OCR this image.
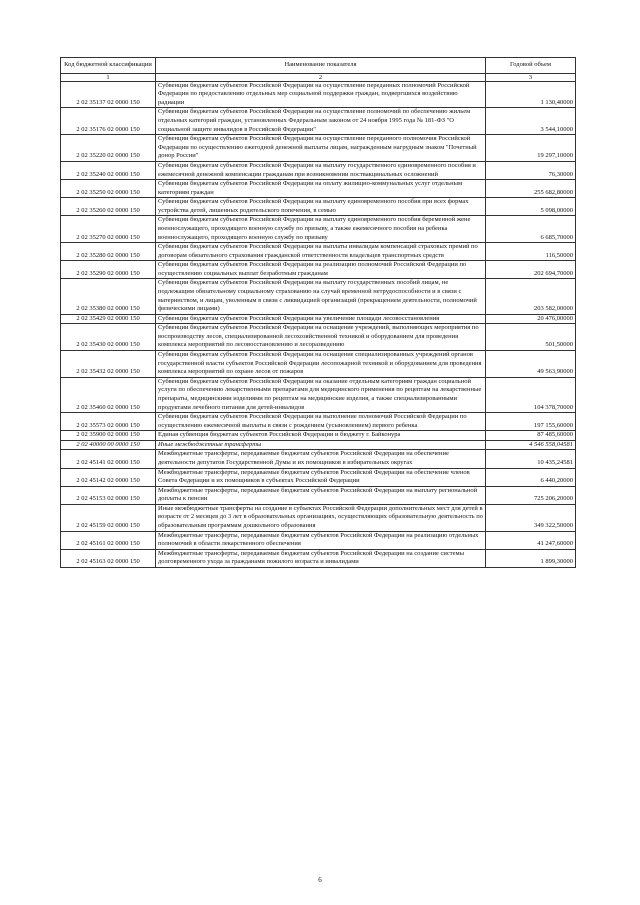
Код бюджетной классификации	Наименование показателя	Годовой объем
1	2	3
2 02 35137 02 0000 150	Субвенции бюджетам субъектов Российской Федерации на осуществление переданных полномочий Российской Федерации по предоставлению отдельных мер социальной поддержки граждан, подвергшихся воздействию радиации	1 130,40000
2 02 35176 02 0000 150	Субвенции бюджетам субъектов Российской Федерации на осуществление полномочий по обеспечению жильем отдельных категорий граждан, установленных Федеральным законом от 24 ноября 1995 года № 181-ФЗ "О социальной защите инвалидов в Российской Федерации"	3 544,10000
2 02 35220 02 0000 150	Субвенции бюджетам субъектов Российской Федерации на осуществление переданного полномочия Российской Федерации по осуществлению ежегодной денежной выплаты лицам, награжденным нагрудным знаком "Почетный донор России"	19 297,10000
2 02 35240 02 0000 150	Субвенции бюджетам субъектов Российской Федерации на выплату государственного единовременного пособия и ежемесячной денежной компенсации гражданам при возникновении поствакцинальных осложнений	76,30000
2 02 35250 02 0000 150	Субвенции бюджетам субъектов Российской Федерации на оплату жилищно-коммунальных услуг отдельным категориям граждан	255 682,80000
2 02 35260 02 0000 150	Субвенции бюджетам субъектов Российской Федерации на выплату единовременного пособия при всех формах устройства детей, лишенных родительского попечения, в семью	5 098,00000
2 02 35270 02 0000 150	Субвенции бюджетам субъектов Российской Федерации на выплату единовременного пособия беременной жене военнослужащего, проходящего военную службу по призыву, а также ежемесячного пособия на ребенка военнослужащего, проходящего военную службу по призыву	6 685,70000
2 02 35280 02 0000 150	Субвенции бюджетам субъектов Российской Федерации на выплаты инвалидам компенсаций страховых премий по договорам обязательного страхования гражданской ответственности владельцев транспортных средств	116,50000
2 02 35290 02 0000 150	Субвенции бюджетам субъектов Российской Федерации на реализацию полномочий Российской Федерации по осуществлению социальных выплат безработным гражданам	202 694,70000
2 02 35380 02 0000 150	Субвенции бюджетам субъектов Российской Федерации на выплату государственных пособий лицам, не подлежащим обязательному социальному страхованию на случай временной нетрудоспособности и в связи с материнством, и лицам, уволенным в связи с ликвидацией организаций (прекращением деятельности, полномочий физическими лицами)	203 582,00000
2 02 35429 02 0000 150	Субвенции бюджетам субъектов Российской Федерации на увеличение площади лесовосстановления	20 476,00000
2 02 35430 02 0000 150	Субвенции бюджетам субъектов Российской Федерации на оснащение учреждений, выполняющих мероприятия по воспроизводству лесов, специализированной лесохозяйственной техникой и оборудованием для проведения комплекса мероприятий по лесовосстановлению и лесоразведению	501,50000
2 02 35432 02 0000 150	Субвенции бюджетам субъектов Российской Федерации на оснащение специализированных учреждений органов государственной власти субъектов Российской Федерации лесопожарной техникой и оборудованием для проведения комплекса мероприятий по охране лесов от пожаров	49 563,90000
2 02 35460 02 0000 150	Субвенции бюджетам субъектов Российской Федерации на оказание отдельным категориям граждан социальной услуги по обеспечению лекарственными препаратами для медицинского применения по рецептам на лекарственные препараты, медицинскими изделиями по рецептам на медицинские изделия, а также специализированными продуктами лечебного питания для детей-инвалидов	104 378,70000
2 02 35573 02 0000 150	Субвенции бюджетам субъектов Российской Федерации на выполнение полномочий Российской Федерации по осуществлению ежемесячной выплаты в связи с рождением (усыновлением) первого ребенка	197 155,60000
2 02 35900 02 0000 150	Единая субвенция бюджетам субъектов Российской Федерации и бюджету г. Байконура	87 485,60000
2 02 40000 00 0000 150	Иные межбюджетные трансферты	4 546 558,04581
2 02 45141 02 0000 150	Межбюджетные трансферты, передаваемые бюджетам субъектов Российской Федерации на обеспечение деятельности депутатов Государственной Думы и их помощников в избирательных округах	10 435,24581
2 02 45142 02 0000 150	Межбюджетные трансферты, передаваемые бюджетам субъектов Российской Федерации на обеспечение членов Совета Федерации и их помощников в субъектах Российской Федерации	6 440,20000
2 02 45153 02 0000 150	Межбюджетные трансферты, передаваемые бюджетам субъектов Российской Федерации на выплату региональной доплаты к пенсии	725 206,20000
2 02 45159 02 0000 150	Иные межбюджетные трансферты на создание в субъектах Российской Федерации дополнительных мест для детей в возрасте от 2 месяцев до 3 лет в образовательных организациях, осуществляющих образовательную деятельность по образовательным программам дошкольного образования	349 322,50000
2 02 45161 02 0000 150	Межбюджетные трансферты, передаваемые бюджетам субъектов Российской Федерации на реализацию отдельных полномочий в области лекарственного обеспечения	41 247,60000
2 02 45163 02 0000 150	Межбюджетные трансферты, передаваемые бюджетам субъектов Российской Федерации на создание системы долговременного ухода за гражданами пожилого возраста и инвалидами	1 899,30000
6
